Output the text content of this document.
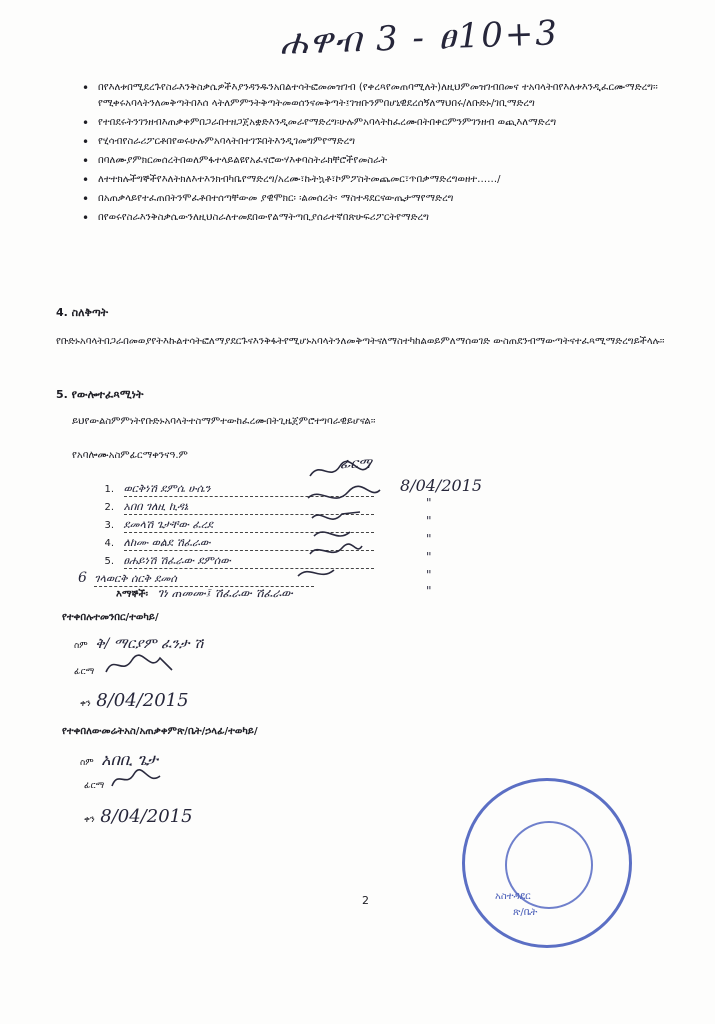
ሐዋብ 3 - ፀ10+3
• በየእለቱበሚደረጉየስራእንቅስቃሴዎችእያንዳንዱንአበልተሳትፎመመዝገብ (የቀረጻየመጠባሚለት)ለዚህምመዝገብበመና ተአባላትበየእለቱእንዲፈርሙማድረግ፡፡የሚቀሩአባላትንለመቅጣትበእሰ ላትለምምንትቅጣትመወሰንናመቅጣት፤ገዝቡንምበሆኒዊደረሰኝለማህበሩ/ለቡድኑ/ገቢማድረግ
• የተበደሩትንገንዘብእጠቃቀምበጋራበተዘጋጀአቋድእንዲመራየማድረግ፡ሁሉምአባላትከፈረሙበትበቀርምንምገንዘብ ወጪእለማድረግ
• የሂሳብየስራሪፖርቶበየወሩሁሉምአባላትበተገኙበትእንዲገመግምየማድረግ
• በባለሙያምክርመሰረትበወለምፋተላይልዩየአፈናሮውሃእቀባስትራክቸሮችየመስራት
• ለተተክሉችግኞችየእለትክለእተእንክብካቤየማድረግ/አረሙ፣ኩትኳቶ፣ኮምፖስትመጨመር፣ጥበቃማድረግወዘተ……/
• በአጠቃላይየተፈጠበትንሞፈቶበተሰጣቸውመ ያዊሞክር፡ ፡ልመሰረት፡ ማስተዳደርናውጤታማየማድረግ
• በየወሩየስራእንቅስቃሴውንለዚህስራለተመደበውየልማትጣቢያሰራተኛበጽሁፍሪፖርትየማድረግ
4. ስለቅጣት
የቡድኑአባላትበጋራበመወያየትእኩልተሳትፎለማያደርጉናእንቅፋትየሚሆኑአባላትንለመቅጣትናለማስተካከልወይምለማሰወገድ ውስጠደንብማውጣትናተፈጻሚማድረግይችላሉ፡፡
5. የውሎተፈጻሚነት
ይህየውልስምምነትየቡድኑአባላትተስማምተውከፈረሙበትጊዜጀምሮተግባራዊይሆናል፡፡
የአባሎሙአስምፊርማቀንናዓ.ም
ፊርማ
1. ወርቅነሽ ደምሴ ሁሴን	8/04/2015
2. አበበ ገለዚ ኪዳኔ	"
3. ደመላሽ ጌታቸው ፈረደ	"
4. ለከሙ ወልደ ሽፈራው	"
5. ፀሐይነሽ ሽፈራው ደምሰው	"
6 ገላወርቅ ሰርቅ ደመሰ	"
እማኞች፡ ገነ ጠመሙ፤ ሽፈራው ሽፈራው	"
የተቀበሉተመንበር/ተወካይ/
ስም ቅ/ ማርያም ፈንታ ሽ
ፊርማ
ቀን 8/04/2015
የተቀበለውመሬትአስ/አጠቃቀምጽ/ቤት/ኃላፊ/ተወካይ/
ስም አበቢ ጌታ
ፊርማ
ቀን 8/04/2015
አስተዳደር
ጽ/ቤት
2
